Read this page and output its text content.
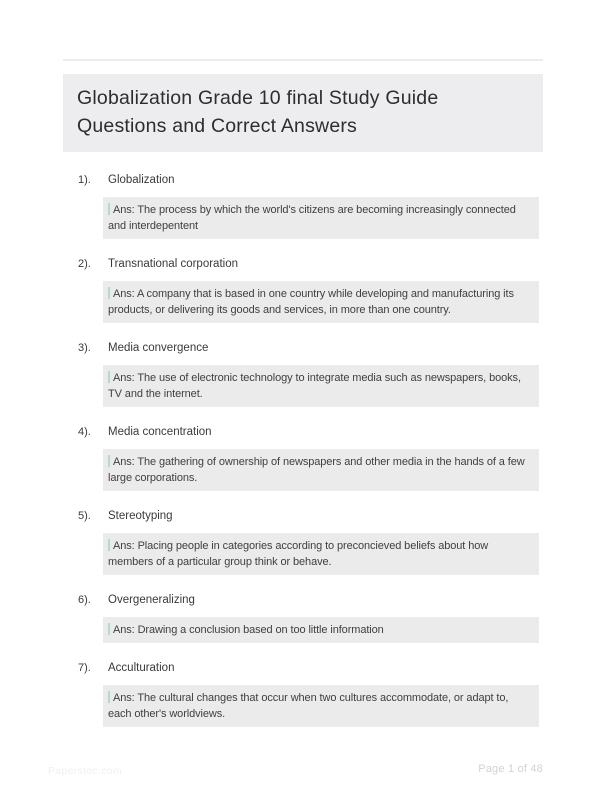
Globalization Grade 10 final Study Guide Questions and Correct Answers
1). Globalization
Ans: The process by which the world's citizens are becoming increasingly connected and interdepentent
2). Transnational corporation
Ans: A company that is based in one country while developing and manufacturing its products, or delivering its goods and services, in more than one country.
3). Media convergence
Ans: The use of electronic technology to integrate media such as newspapers, books, TV and the internet.
4). Media concentration
Ans: The gathering of ownership of newspapers and other media in the hands of a few large corporations.
5). Stereotyping
Ans: Placing people in categories according to preconcieved beliefs about how members of a particular group think or behave.
6). Overgeneralizing
Ans: Drawing a conclusion based on too little information
7). Acculturation
Ans: The cultural changes that occur when two cultures accommodate, or adapt to, each other's worldviews.
Paperstoc.com	Page 1 of 48
